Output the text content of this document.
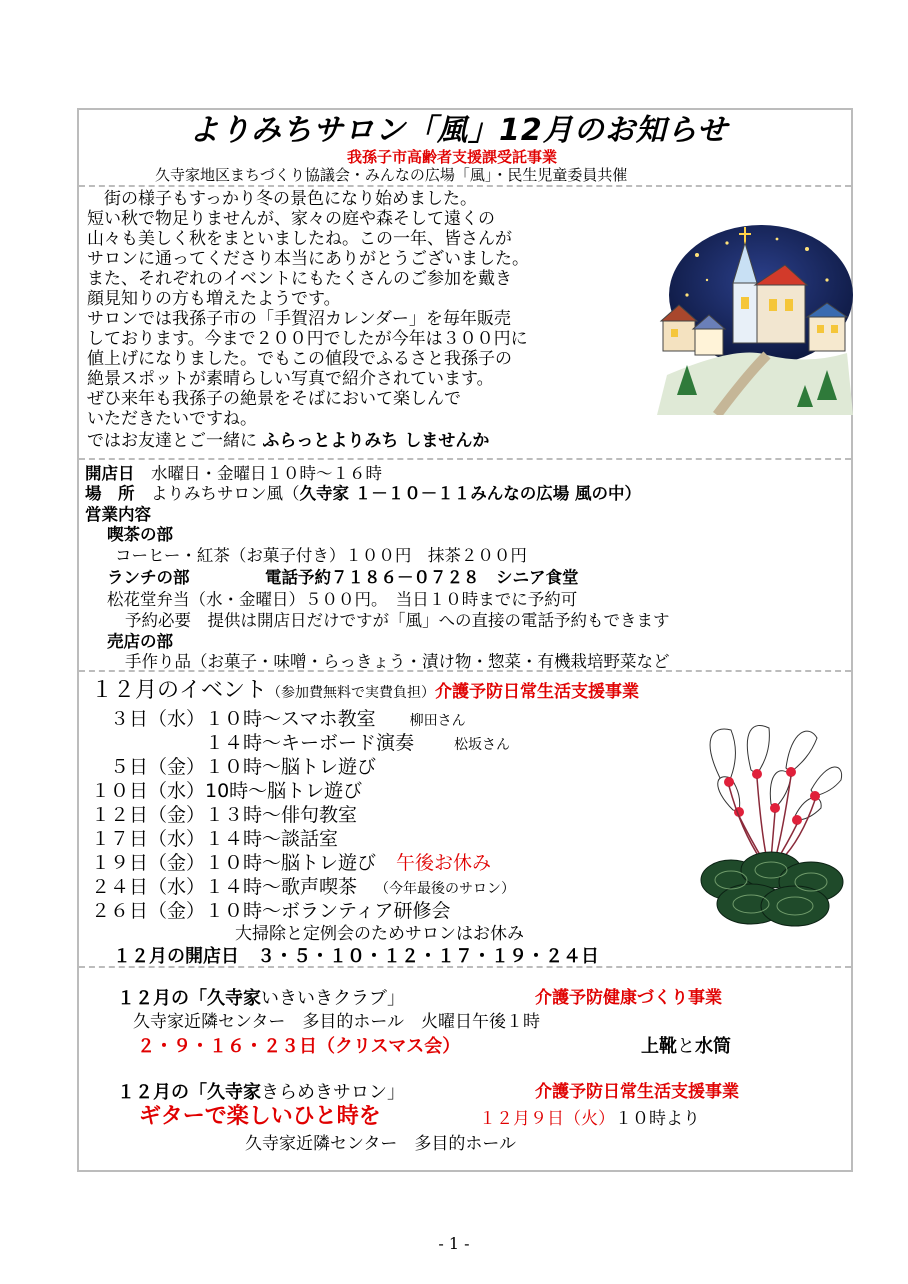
よりみちサロン「風」12月のお知らせ
我孫子市高齢者支援課受託事業
久寺家地区まちづくり協議会・みんなの広場「風」・民生児童委員共催
　街の様子もすっかり冬の景色になり始めました。
短い秋で物足りませんが、家々の庭や森そして遠くの
山々も美しく秋をまといましたね。この一年、皆さんが
サロンに通ってくださり本当にありがとうございました。
また、それぞれのイベントにもたくさんのご参加を戴き
顔見知りの方も増えたようです。
サロンでは我孫子市の「手賀沼カレンダー」を毎年販売
しております。今まで２００円でしたが今年は３００円に
値上げになりました。でもこの値段でふるさと我孫子の
絶景スポットが素晴らしい写真で紹介されています。
ぜひ来年も我孫子の絶景をそばにおいて楽しんで
いただきたいですね。
ではお友達とご一緒に ふらっとよりみち しませんか
開店日　水曜日・金曜日１０時～１６時
場　所　よりみちサロン風（久寺家 １－１０－１１みんなの広場 風の中）
営業内容
喫茶の部
コーヒー・紅茶（お菓子付き）１００円　抹茶２００円
ランチの部	電話予約７１８６－０７２８　シニア食堂
松花堂弁当（水・金曜日）５００円。　当日１０時までに予約可
予約必要　提供は開店日だけですが「風」への直接の電話予約もできます
売店の部
手作り品（お菓子・味噌・らっきょう・漬け物・惣菜・有機栽培野菜など
１２月のイベント（参加費無料で実費負担）介護予防日常生活支援事業
　３日（水）１０時～スマホ教室 柳田さん
　　　　　　１４時～キーボード演奏	松坂さん
　５日（金）１０時～脳トレ遊び
１０日（水）10時～脳トレ遊び
１２日（金）１３時～俳句教室
１７日（水）１４時～談話室
１９日（金）１０時～脳トレ遊び 午後お休み
２４日（水）１４時～歌声喫茶 （今年最後のサロン）
２６日（金）１０時～ボランティア研修会
大掃除と定例会のためサロンはお休み
１２月の開店日　３・５・１０・１２・１７・１９・２４日
１２月の「久寺家いきいきクラブ」	介護予防健康づくり事業
久寺家近隣センター　多目的ホール　火曜日午後１時
２・９・１６・２３日（クリスマス会）	上靴と水筒
１２月の「久寺家きらめきサロン」	介護予防日常生活支援事業
ギターで楽しいひと時を	１２月９日（火）１０時より
久寺家近隣センター　多目的ホール
- 1 -
